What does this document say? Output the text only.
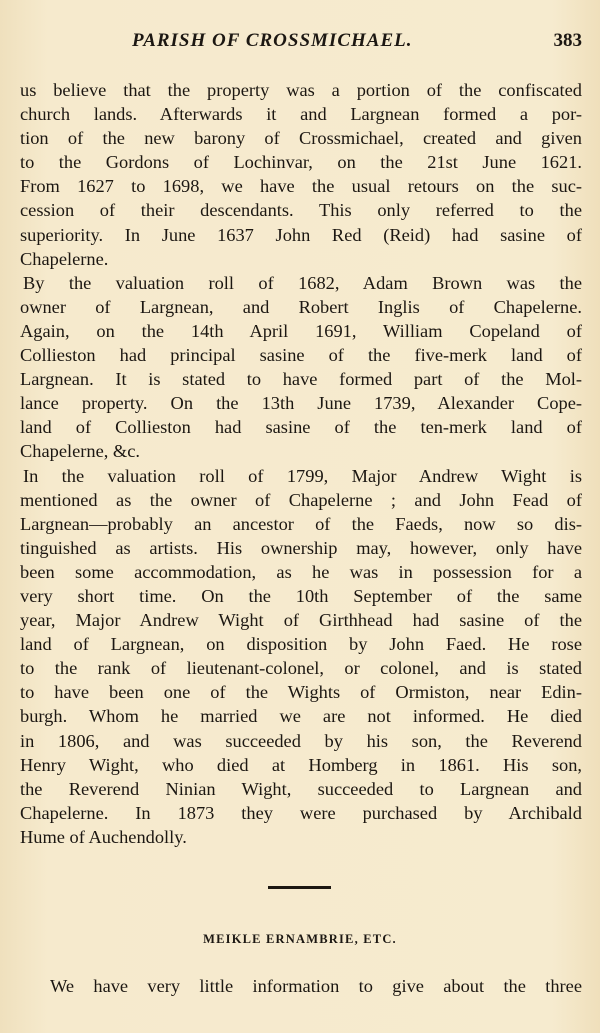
PARISH OF CROSSMICHAEL.	383
us believe that the property was a portion of the confiscated
church lands. Afterwards it and Largnean formed a por-
tion of the new barony of Crossmichael, created and given
to the Gordons of Lochinvar, on the 21st June 1621.
From 1627 to 1698, we have the usual retours on the suc-
cession of their descendants. This only referred to the
superiority. In June 1637 John Red (Reid) had sasine of
Chapelerne.
By the valuation roll of 1682, Adam Brown was the
owner of Largnean, and Robert Inglis of Chapelerne.
Again, on the 14th April 1691, William Copeland of
Collieston had principal sasine of the five-merk land of
Largnean. It is stated to have formed part of the Mol-
lance property. On the 13th June 1739, Alexander Cope-
land of Collieston had sasine of the ten-merk land of
Chapelerne, &c.
In the valuation roll of 1799, Major Andrew Wight is
mentioned as the owner of Chapelerne ; and John Fead of
Largnean—probably an ancestor of the Faeds, now so dis-
tinguished as artists. His ownership may, however, only have
been some accommodation, as he was in possession for a
very short time. On the 10th September of the same
year, Major Andrew Wight of Girthhead had sasine of the
land of Largnean, on disposition by John Faed. He rose
to the rank of lieutenant-colonel, or colonel, and is stated
to have been one of the Wights of Ormiston, near Edin-
burgh. Whom he married we are not informed. He died
in 1806, and was succeeded by his son, the Reverend
Henry Wight, who died at Homberg in 1861. His son,
the Reverend Ninian Wight, succeeded to Largnean and
Chapelerne. In 1873 they were purchased by Archibald
Hume of Auchendolly.
MEIKLE ERNAMBRIE, ETC.
We have very little information to give about the three
